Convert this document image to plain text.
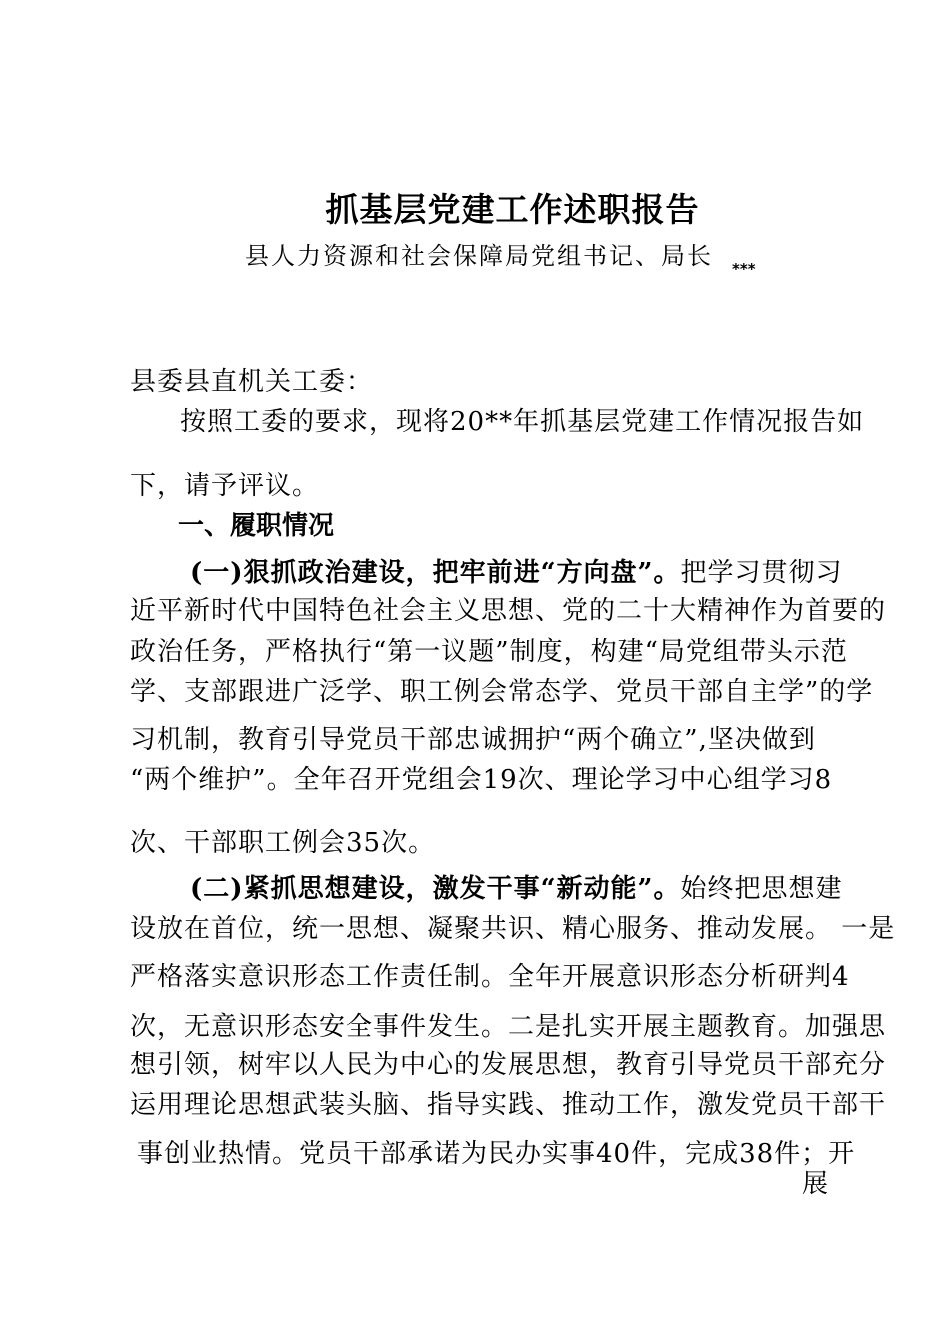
抓基层党建工作述职报告
县人力资源和社会保障局党组书记、局长 ***

县委县直机关工委：

按照工委的要求，现将20**年抓基层党建工作情况报告如

下，请予评议。

一、履职情况

(一)狠抓政治建设，把牢前进“方向盘”。把学习贯彻习

近平新时代中国特色社会主义思想、党的二十大精神作为首要的

政治任务，严格执行“第一议题”制度，构建“局党组带头示范

学、支部跟进广泛学、职工例会常态学、党员干部自主学”的学

习机制，教育引导党员干部忠诚拥护“两个确立”,坚决做到

“两个维护”。全年召开党组会19次、理论学习中心组学习8

次、干部职工例会35次。

(二)紧抓思想建设，激发干事“新动能”。始终把思想建

设放在首位，统一思想、凝聚共识、精心服务、推动发展。 一是

严格落实意识形态工作责任制。全年开展意识形态分析研判4

次，无意识形态安全事件发生。二是扎实开展主题教育。加强思

想引领，树牢以人民为中心的发展思想，教育引导党员干部充分

运用理论思想武装头脑、指导实践、推动工作，激发党员干部干

事创业热情。党员干部承诺为民办实事40件，完成38件；开

展
